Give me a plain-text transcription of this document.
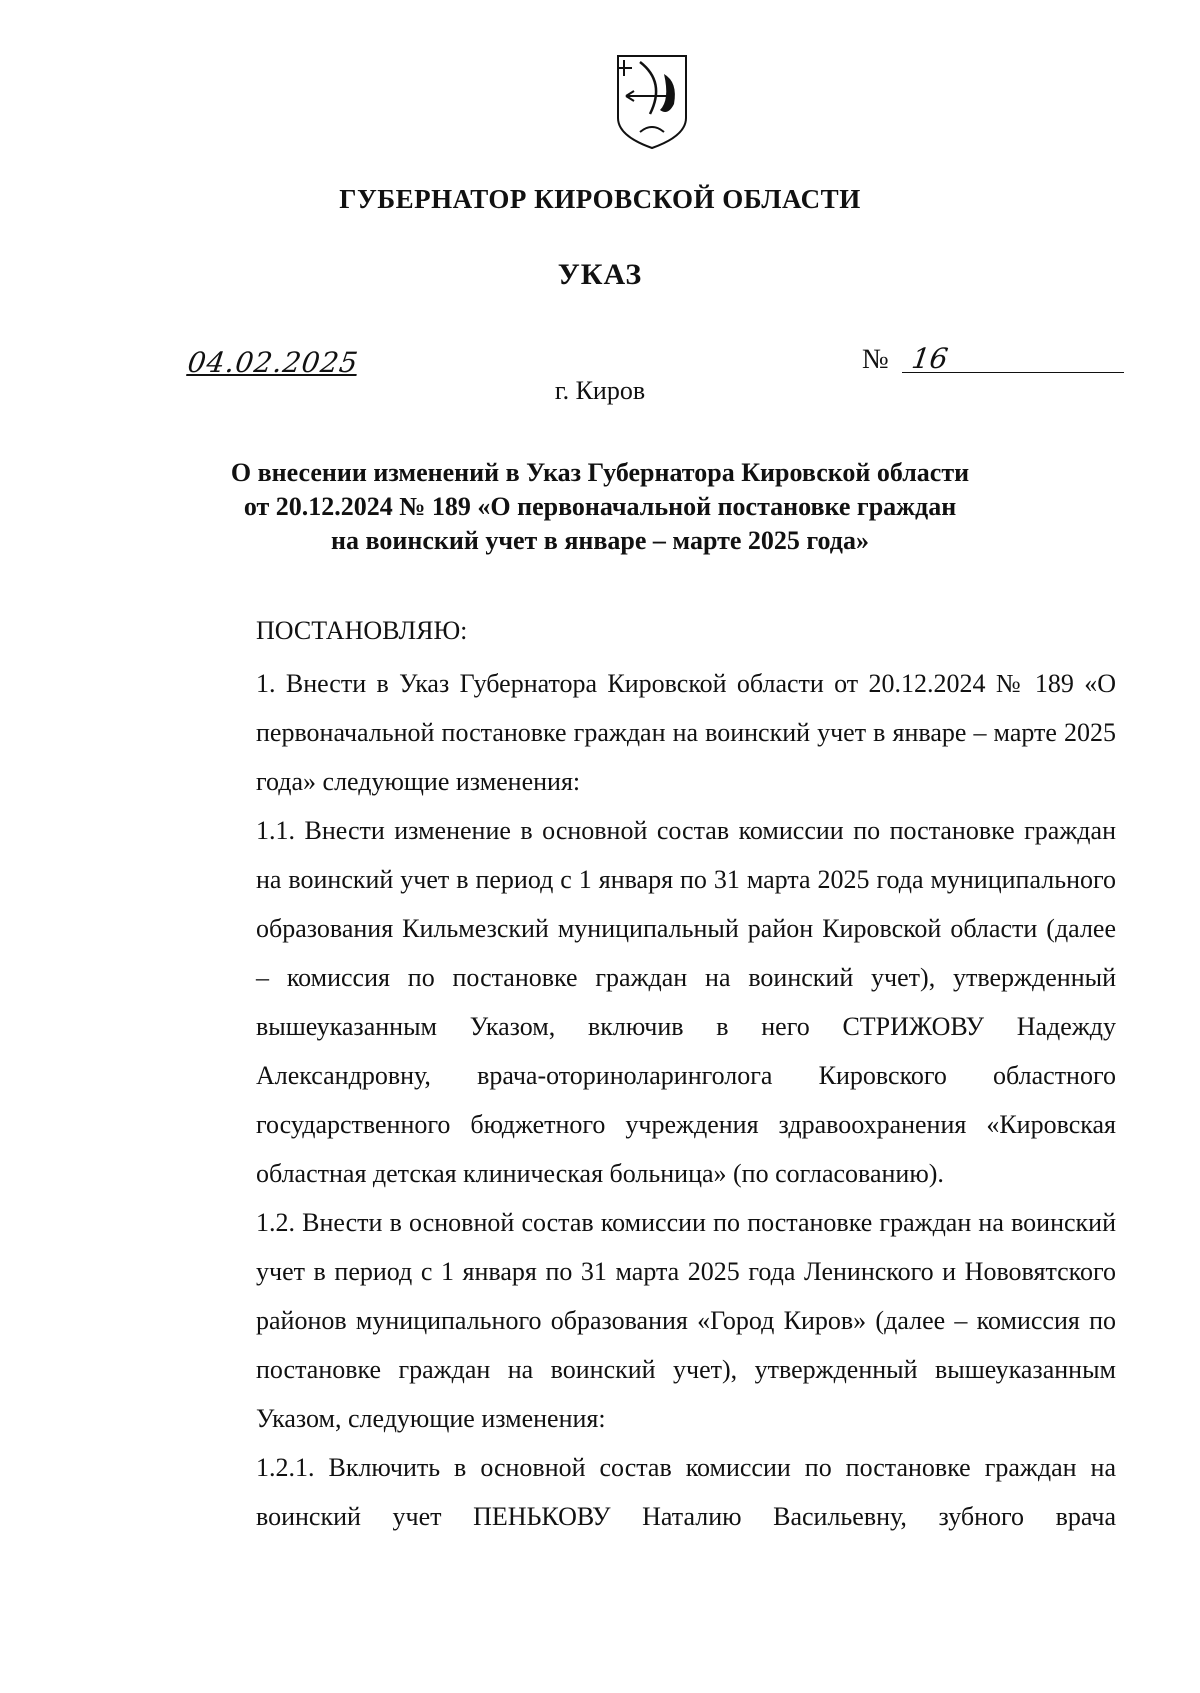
ГУБЕРНАТОР КИРОВСКОЙ ОБЛАСТИ
УКАЗ
04.02.2025	№ 16
г. Киров
О внесении изменений в Указ Губернатора Кировской области
от 20.12.2024 № 189 «О первоначальной постановке граждан
на воинский учет в январе – марте 2025 года»
ПОСТАНОВЛЯЮ:
1. Внести в Указ Губернатора Кировской области от 20.12.2024 № 189 «О первоначальной постановке граждан на воинский учет в январе – марте 2025 года» следующие изменения:
1.1. Внести изменение в основной состав комиссии по постановке граждан на воинский учет в период с 1 января по 31 марта 2025 года муниципального образования Кильмезский муниципальный район Кировской области (далее – комиссия по постановке граждан на воинский учет), утвержденный вышеуказанным Указом, включив в него СТРИЖОВУ Надежду Александровну, врача-оториноларинголога Кировского областного государственного бюджетного учреждения здравоохранения «Кировская областная детская клиническая больница» (по согласованию).
1.2. Внести в основной состав комиссии по постановке граждан на воинский учет в период с 1 января по 31 марта 2025 года Ленинского и Нововятского районов муниципального образования «Город Киров» (далее – комиссия по постановке граждан на воинский учет), утвержденный вышеуказанным Указом, следующие изменения:
1.2.1. Включить в основной состав комиссии по постановке граждан на воинский учет ПЕНЬКОВУ Наталию Васильевну, зубного врача
